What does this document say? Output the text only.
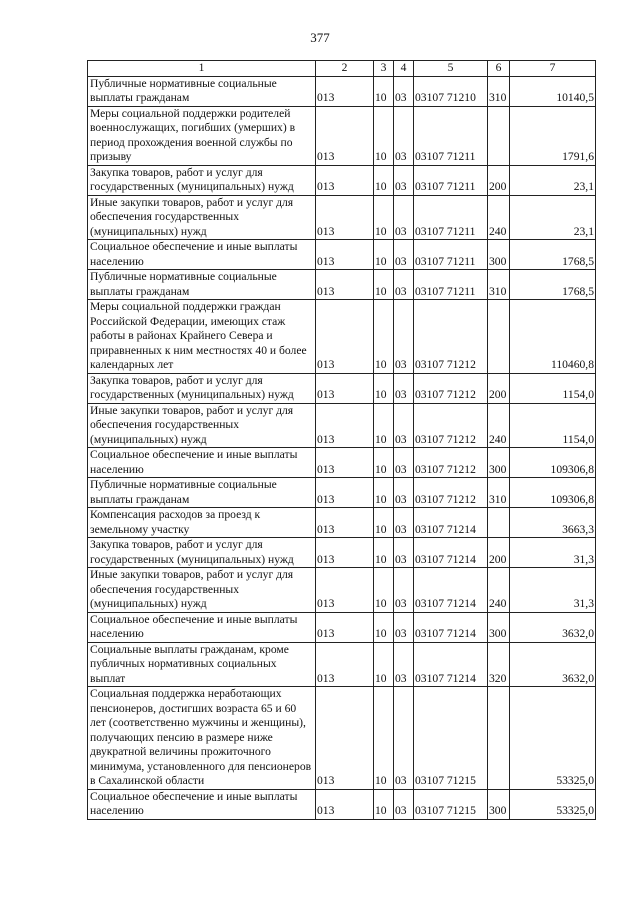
377
1	2	3	4	5	6	7
Публичные нормативные социальные выплаты гражданам	013	10	03	03107 71210	310	10140,5
Меры социальной поддержки родителей военнослужащих, погибших (умерших) в период прохождения военной службы по призыву	013	10	03	03107 71211		1791,6
Закупка товаров, работ и услуг для государственных (муниципальных) нужд	013	10	03	03107 71211	200	23,1
Иные закупки товаров, работ и услуг для обеспечения государственных (муниципальных) нужд	013	10	03	03107 71211	240	23,1
Социальное обеспечение и иные выплаты населению	013	10	03	03107 71211	300	1768,5
Публичные нормативные социальные выплаты гражданам	013	10	03	03107 71211	310	1768,5
Меры социальной поддержки граждан Российской Федерации, имеющих стаж работы в районах Крайнего Севера и приравненных к ним местностях 40 и более календарных лет	013	10	03	03107 71212		110460,8
Закупка товаров, работ и услуг для государственных (муниципальных) нужд	013	10	03	03107 71212	200	1154,0
Иные закупки товаров, работ и услуг для обеспечения государственных (муниципальных) нужд	013	10	03	03107 71212	240	1154,0
Социальное обеспечение и иные выплаты населению	013	10	03	03107 71212	300	109306,8
Публичные нормативные социальные выплаты гражданам	013	10	03	03107 71212	310	109306,8
Компенсация расходов за проезд к земельному участку	013	10	03	03107 71214		3663,3
Закупка товаров, работ и услуг для государственных (муниципальных) нужд	013	10	03	03107 71214	200	31,3
Иные закупки товаров, работ и услуг для обеспечения государственных (муниципальных) нужд	013	10	03	03107 71214	240	31,3
Социальное обеспечение и иные выплаты населению	013	10	03	03107 71214	300	3632,0
Социальные выплаты гражданам, кроме публичных нормативных социальных выплат	013	10	03	03107 71214	320	3632,0
Социальная поддержка неработающих пенсионеров, достигших возраста 65 и 60 лет (соответственно мужчины и женщины), получающих пенсию в размере ниже двукратной величины прожиточного минимума, установленного для пенсионеров в Сахалинской области	013	10	03	03107 71215		53325,0
Социальное обеспечение и иные выплаты населению	013	10	03	03107 71215	300	53325,0
